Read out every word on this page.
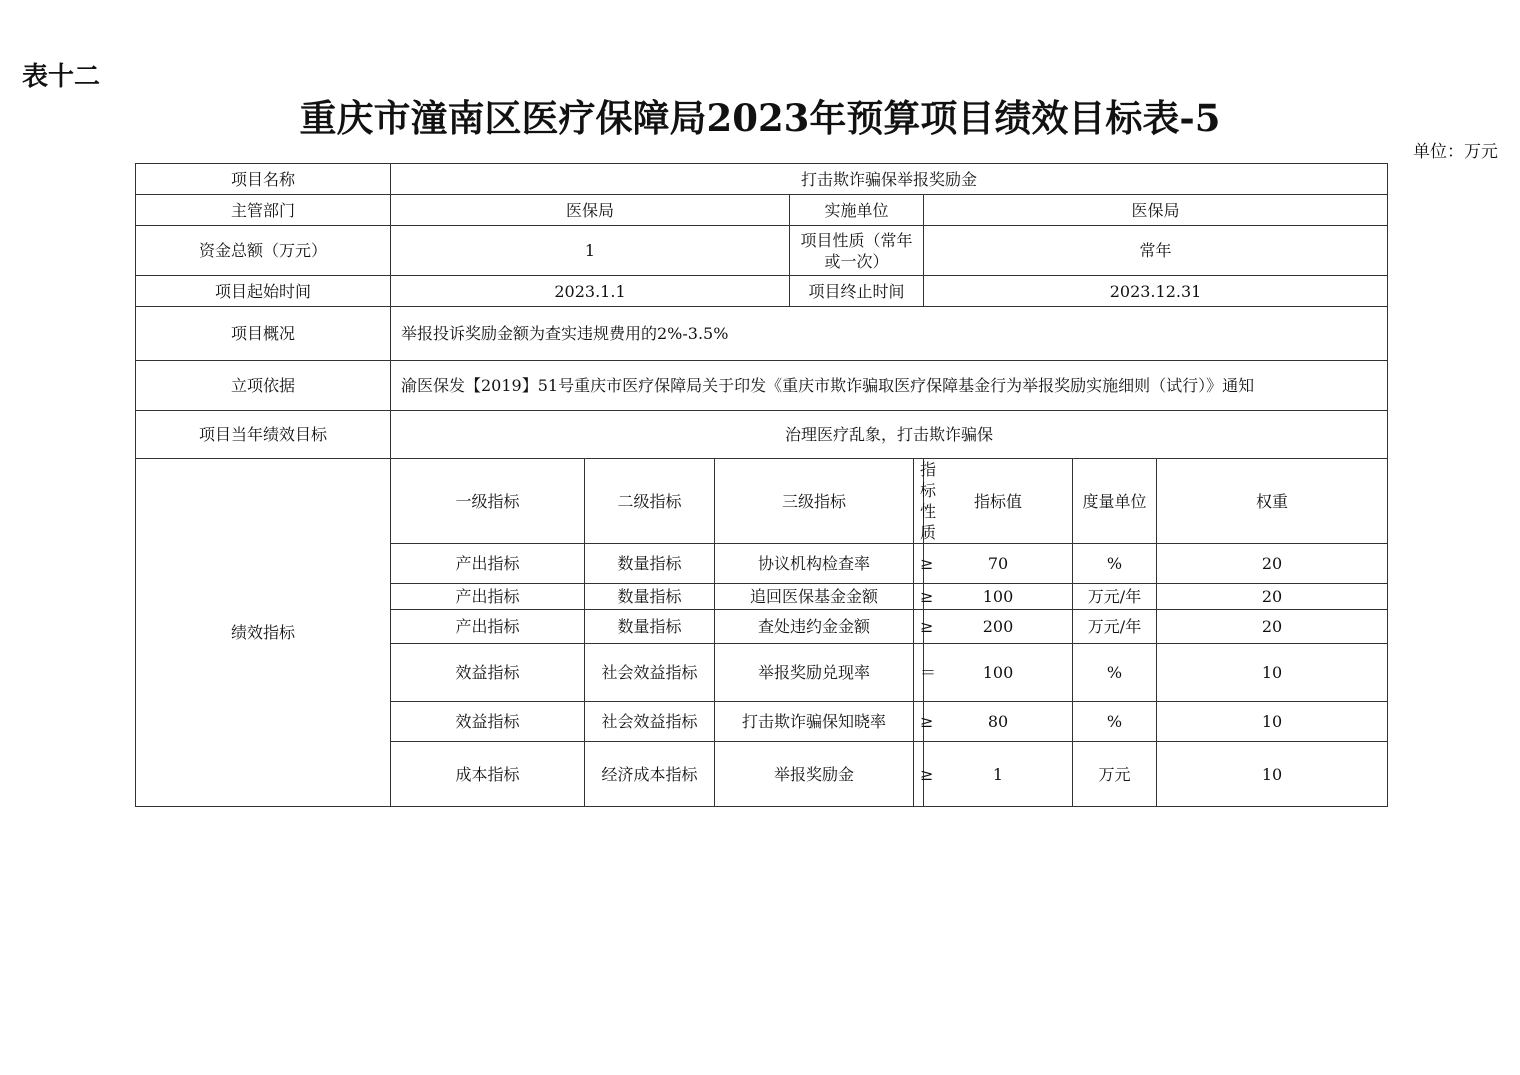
表十二
重庆市潼南区医疗保障局2023年预算项目绩效目标表-5
单位：万元
项目名称	打击欺诈骗保举报奖励金							
主管部门	医保局			实施单位		医保局		
资金总额（万元）	1			项目性质（常年或一次）		常年		
项目起始时间	2023.1.1			项目终止时间		2023.12.31		
项目概况	举报投诉奖励金额为查实违规费用的2%-3.5%							
立项依据	渝医保发【2019】51号重庆市医疗保障局关于印发《重庆市欺诈骗取医疗保障基金行为举报奖励实施细则（试行）》通知							
项目当年绩效目标	治理医疗乱象，打击欺诈骗保							
绩效指标	一级指标	二级指标	三级指标		指标性质	指标值	度量单位	权重
	产出指标	数量指标	协议机构检查率		≥	70	%	20
	产出指标	数量指标	追回医保基金金额		≥	100	万元/年	20
	产出指标	数量指标	查处违约金金额		≥	200	万元/年	20
	效益指标	社会效益指标	举报奖励兑现率		＝	100	%	10
	效益指标	社会效益指标	打击欺诈骗保知晓率		≥	80	%	10
	成本指标	经济成本指标	举报奖励金		≥	1	万元	10
